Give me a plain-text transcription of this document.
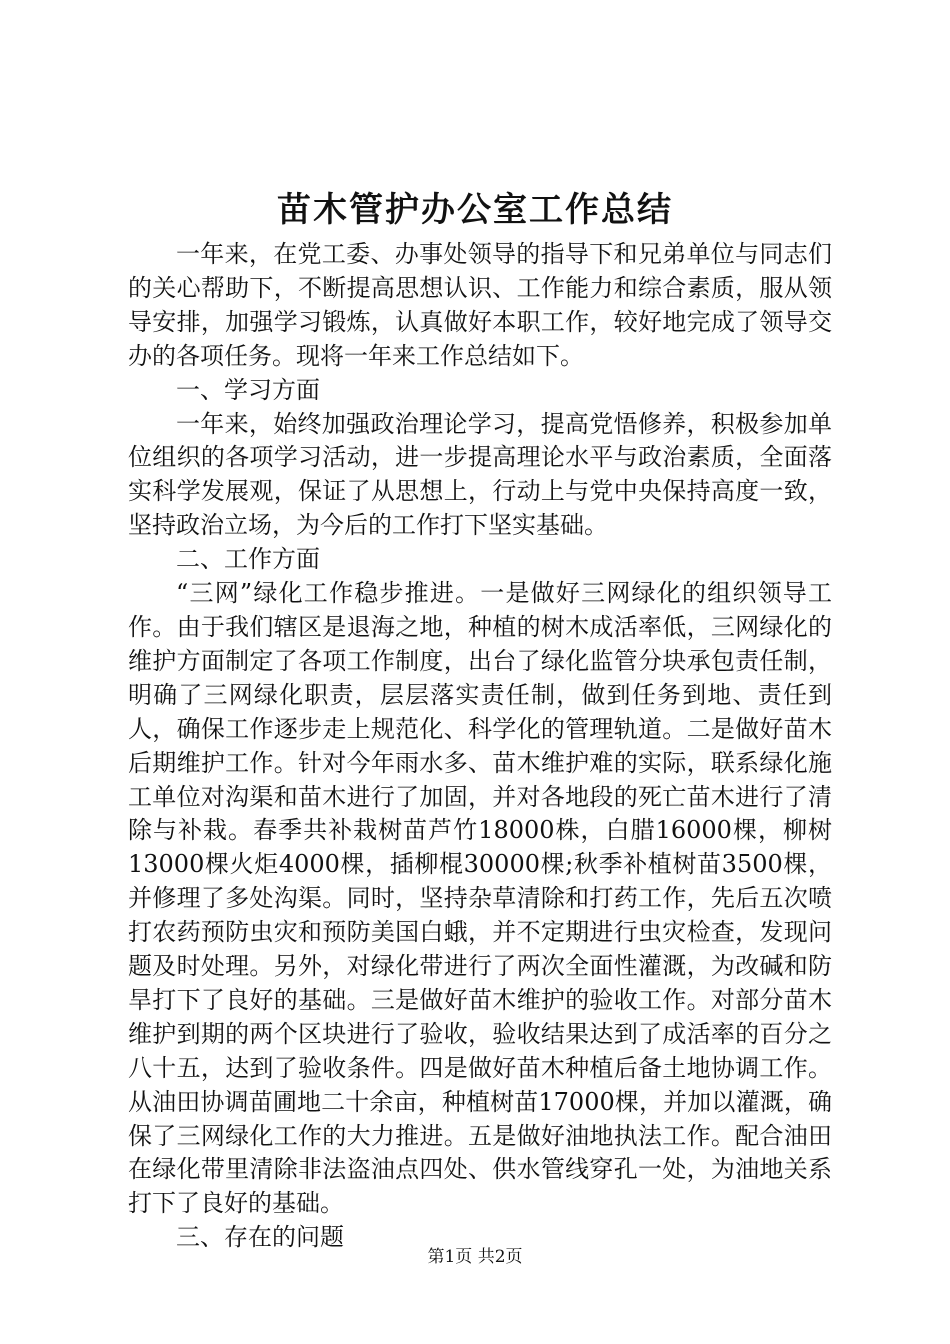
苗木管护办公室工作总结

一年来，在党工委、办事处领导的指导下和兄弟单位与同志们的关心帮助下，不断提高思想认识、工作能力和综合素质，服从领导安排，加强学习锻炼，认真做好本职工作，较好地完成了领导交办的各项任务。现将一年来工作总结如下。

一、学习方面

一年来，始终加强政治理论学习，提高党悟修养，积极参加单位组织的各项学习活动，进一步提高理论水平与政治素质，全面落实科学发展观，保证了从思想上，行动上与党中央保持高度一致，坚持政治立场，为今后的工作打下坚实基础。

二、工作方面

“三网”绿化工作稳步推进。一是做好三网绿化的组织领导工作。由于我们辖区是退海之地，种植的树木成活率低，三网绿化的维护方面制定了各项工作制度，出台了绿化监管分块承包责任制，明确了三网绿化职责，层层落实责任制，做到任务到地、责任到人，确保工作逐步走上规范化、科学化的管理轨道。二是做好苗木后期维护工作。针对今年雨水多、苗木维护难的实际，联系绿化施工单位对沟渠和苗木进行了加固，并对各地段的死亡苗木进行了清除与补栽。春季共补栽树苗芦竹18000株，白腊16000棵，柳树13000棵火炬4000棵，插柳棍30000棵;秋季补植树苗3500棵，并修理了多处沟渠。同时，坚持杂草清除和打药工作，先后五次喷打农药预防虫灾和预防美国白蛾，并不定期进行虫灾检查，发现问题及时处理。另外，对绿化带进行了两次全面性灌溉，为改碱和防旱打下了良好的基础。三是做好苗木维护的验收工作。对部分苗木维护到期的两个区块进行了验收，验收结果达到了成活率的百分之八十五，达到了验收条件。四是做好苗木种植后备土地协调工作。从油田协调苗圃地二十余亩，种植树苗17000棵，并加以灌溉，确保了三网绿化工作的大力推进。五是做好油地执法工作。配合油田在绿化带里清除非法盗油点四处、供水管线穿孔一处，为油地关系打下了良好的基础。

三、存在的问题

第1页 共2页
